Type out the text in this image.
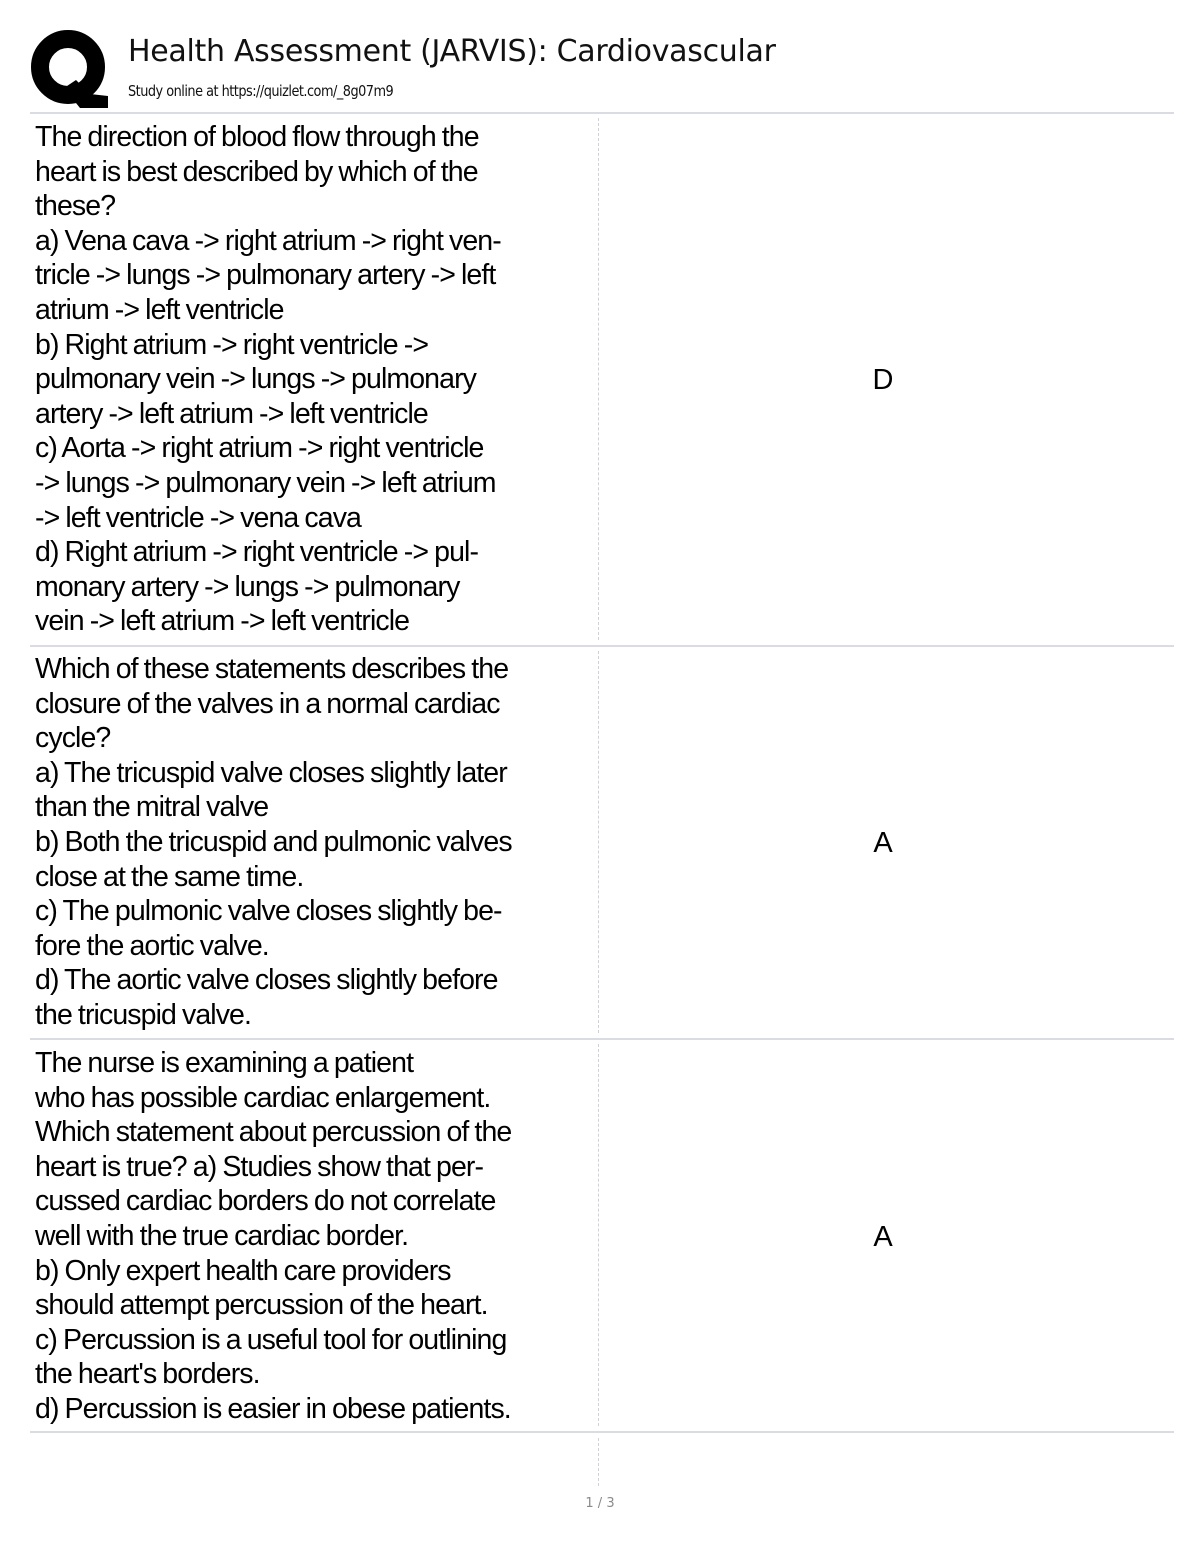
Health Assessment (JARVIS): Cardiovascular
Study online at https://quizlet.com/_8g07m9

The direction of blood flow through the
heart is best described by which of the
these?
a) Vena cava -> right atrium -> right ven-
tricle -> lungs -> pulmonary artery -> left
atrium -> left ventricle
b) Right atrium -> right ventricle ->
pulmonary vein -> lungs -> pulmonary
artery -> left atrium -> left ventricle
c) Aorta -> right atrium -> right ventricle
-> lungs -> pulmonary vein -> left atrium
-> left ventricle -> vena cava
d) Right atrium -> right ventricle -> pul-
monary artery -> lungs -> pulmonary
vein -> left atrium -> left ventricle

D

Which of these statements describes the
closure of the valves in a normal cardiac
cycle?
a) The tricuspid valve closes slightly later
than the mitral valve
b) Both the tricuspid and pulmonic valves
close at the same time.
c) The pulmonic valve closes slightly be-
fore the aortic valve.
d) The aortic valve closes slightly before
the tricuspid valve.

A

The nurse is examining a patient
who has possible cardiac enlargement.
Which statement about percussion of the
heart is true? a) Studies show that per-
cussed cardiac borders do not correlate
well with the true cardiac border.
b) Only expert health care providers
should attempt percussion of the heart.
c) Percussion is a useful tool for outlining
the heart's borders.
d) Percussion is easier in obese patients.

A
1 / 3
